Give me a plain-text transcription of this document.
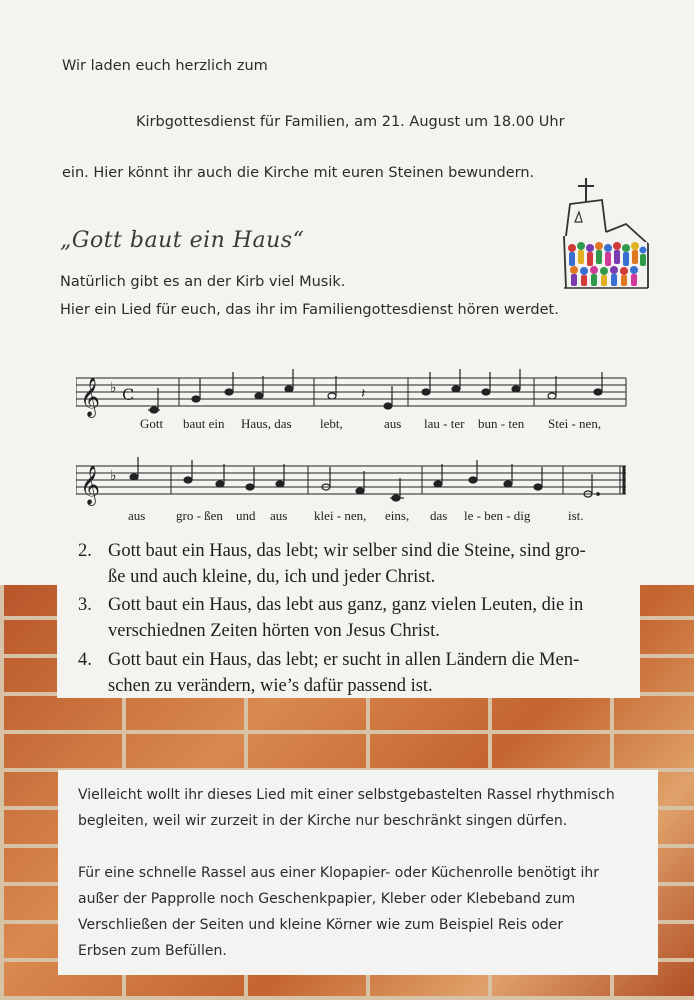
Wir laden euch herzlich zum
Kirbgottesdienst für Familien, am 21. August um 18.00 Uhr
ein. Hier könnt ihr auch die Kirche mit euren Steinen bewundern.
„Gott baut ein Haus“
Natürlich gibt es an der Kirb viel Musik.
Hier ein Lied für euch, das ihr im Familiengottesdienst hören werdet.
𝄞 ♭ C	𝄽
Gott baut ein Haus, das lebt,	aus lau - ter bun - ten Stei - nen,
𝄞 ♭
aus gro - ßen und aus klei - nen, eins, das le - ben - dig	ist.
2. Gott baut ein Haus, das lebt; wir selber sind die Steine, sind gro-
ße und auch kleine, du, ich und jeder Christ.
3. Gott baut ein Haus, das lebt aus ganz, ganz vielen Leuten, die in
verschiednen Zeiten hörten von Jesus Christ.
4. Gott baut ein Haus, das lebt; er sucht in allen Ländern die Men-
schen zu verändern, wie’s dafür passend ist.
Vielleicht wollt ihr dieses Lied mit einer selbstgebastelten Rassel rhythmisch
begleiten, weil wir zurzeit in der Kirche nur beschränkt singen dürfen.
Für eine schnelle Rassel aus einer Klopapier- oder Küchenrolle benötigt ihr
außer der Papprolle noch Geschenkpapier, Kleber oder Klebeband zum
Verschließen der Seiten und kleine Körner wie zum Beispiel Reis oder
Erbsen zum Befüllen.
